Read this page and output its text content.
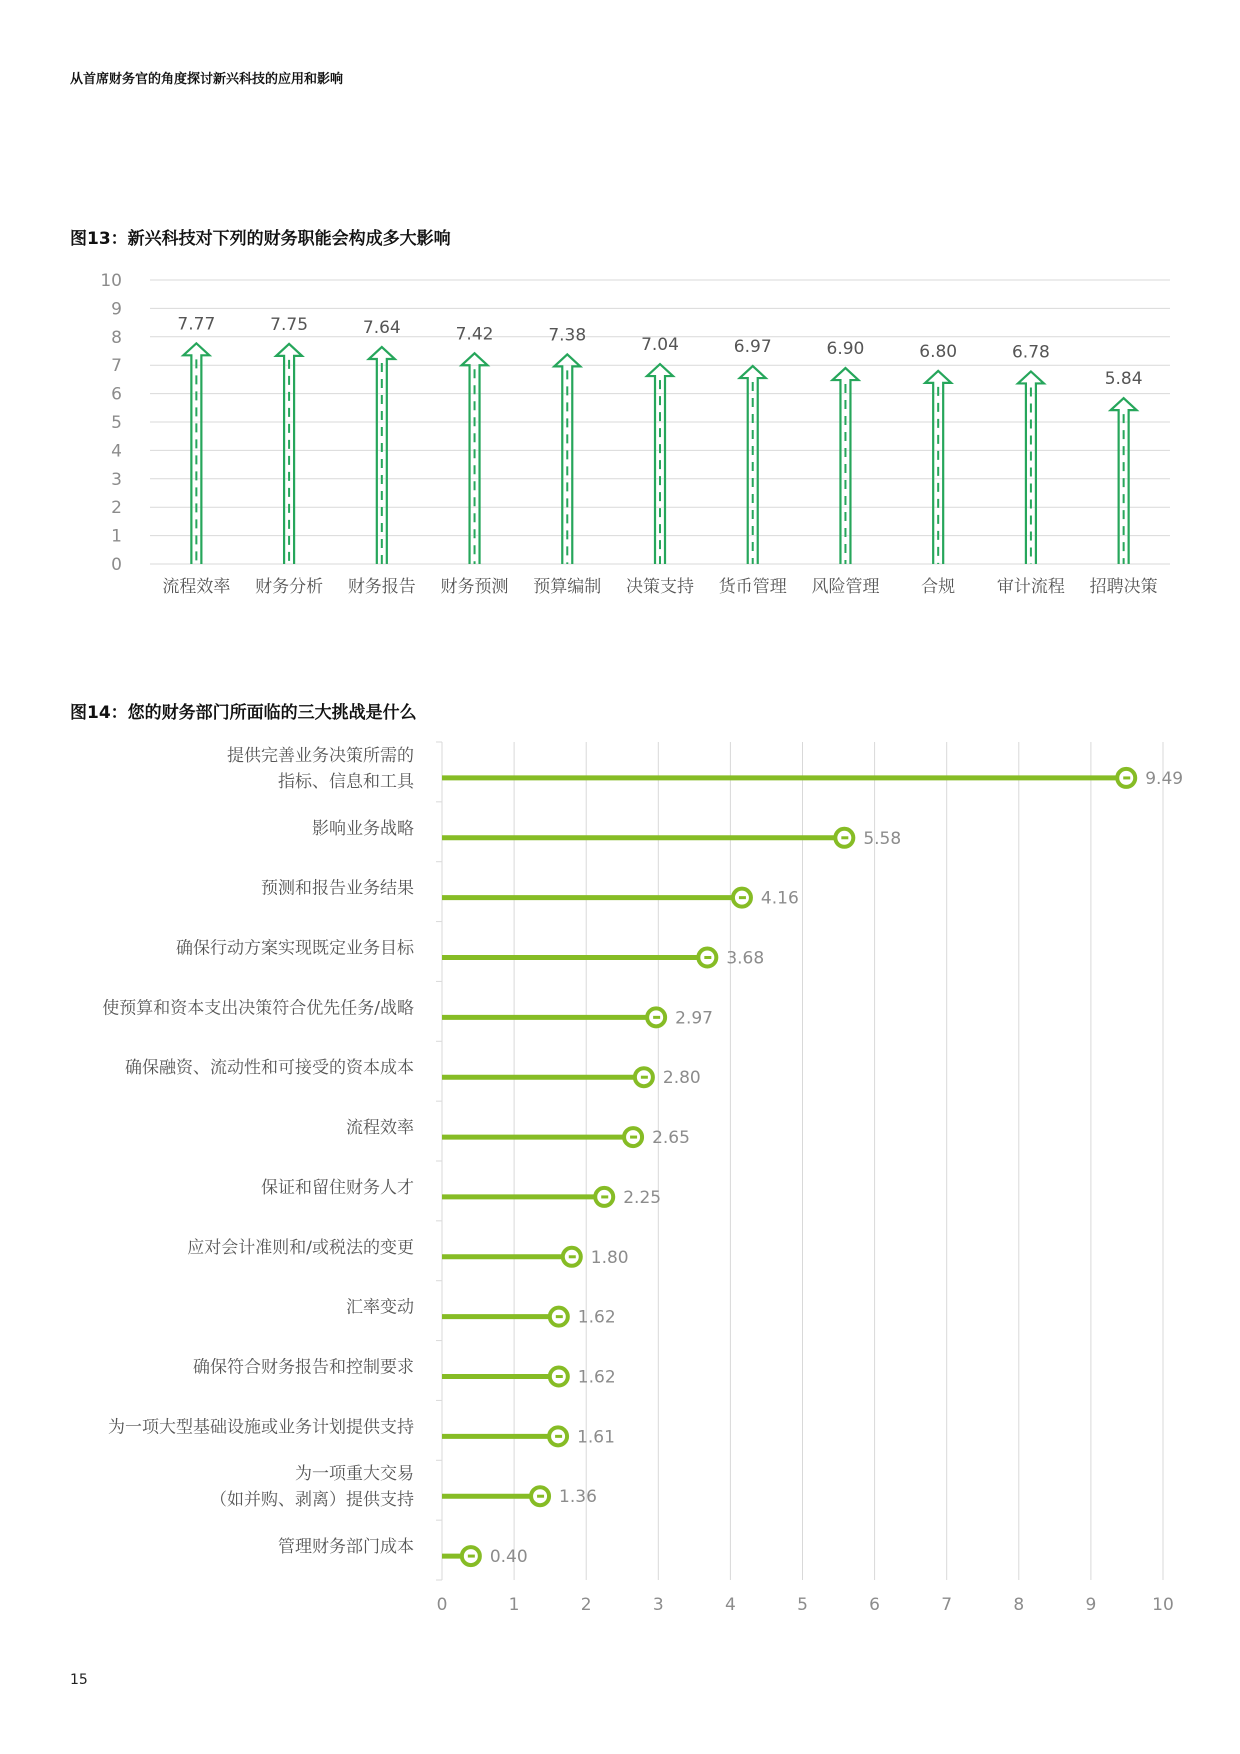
从首席财务官的角度探讨新兴科技的应用和影响
图13：新兴科技对下列的财务职能会构成多大影响
0
1
2
3
4
5
6
7
8
9
10
7.77
流程效率
7.75
财务分析
7.64
财务报告
7.42
财务预测
7.38
预算编制
7.04
决策支持
6.97
货币管理
6.90
风险管理
6.80
合规
6.78
审计流程
5.84
招聘决策
图14：您的财务部门所面临的三大挑战是什么
0	1	2	3	4	5	6	7	8	9	10
9.49
提供完善业务决策所需的
指标、信息和工具
5.58
影响业务战略
4.16
预测和报告业务结果
3.68
确保行动方案实现既定业务目标
2.97
使预算和资本支出决策符合优先任务/战略
2.80
确保融资、流动性和可接受的资本成本
2.65
流程效率
2.25
保证和留住财务人才
1.80
应对会计准则和/或税法的变更
1.62
汇率变动
1.62
确保符合财务报告和控制要求
1.61
为一项大型基础设施或业务计划提供支持
1.36
为一项重大交易
（如并购、剥离）提供支持
0.40
管理财务部门成本
15
